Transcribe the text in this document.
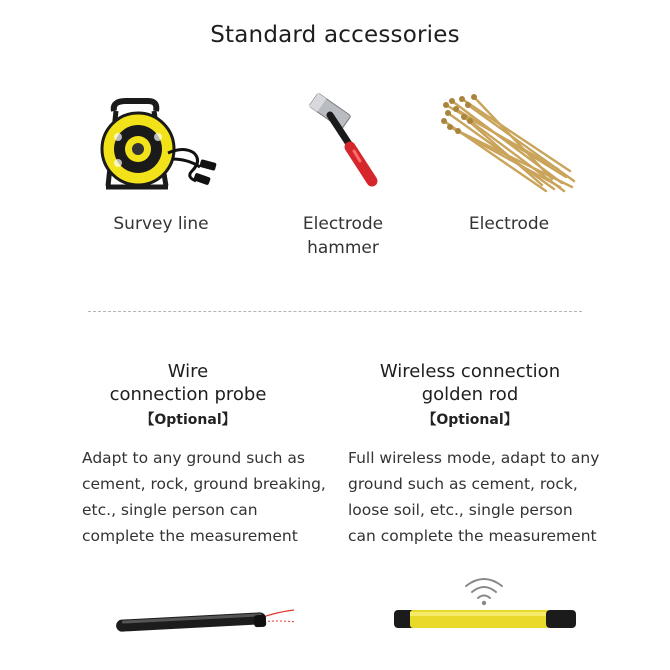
Standard accessories
Survey line	Electrode
hammer
Electrode
Wire
connection probe
【Optional】
Adapt to any ground such as cement, rock, ground breaking, etc., single person can complete the measurement
Wireless connection
golden rod
【Optional】
Full wireless mode, adapt to any ground such as cement, rock, loose soil, etc., single person can complete the measurement
